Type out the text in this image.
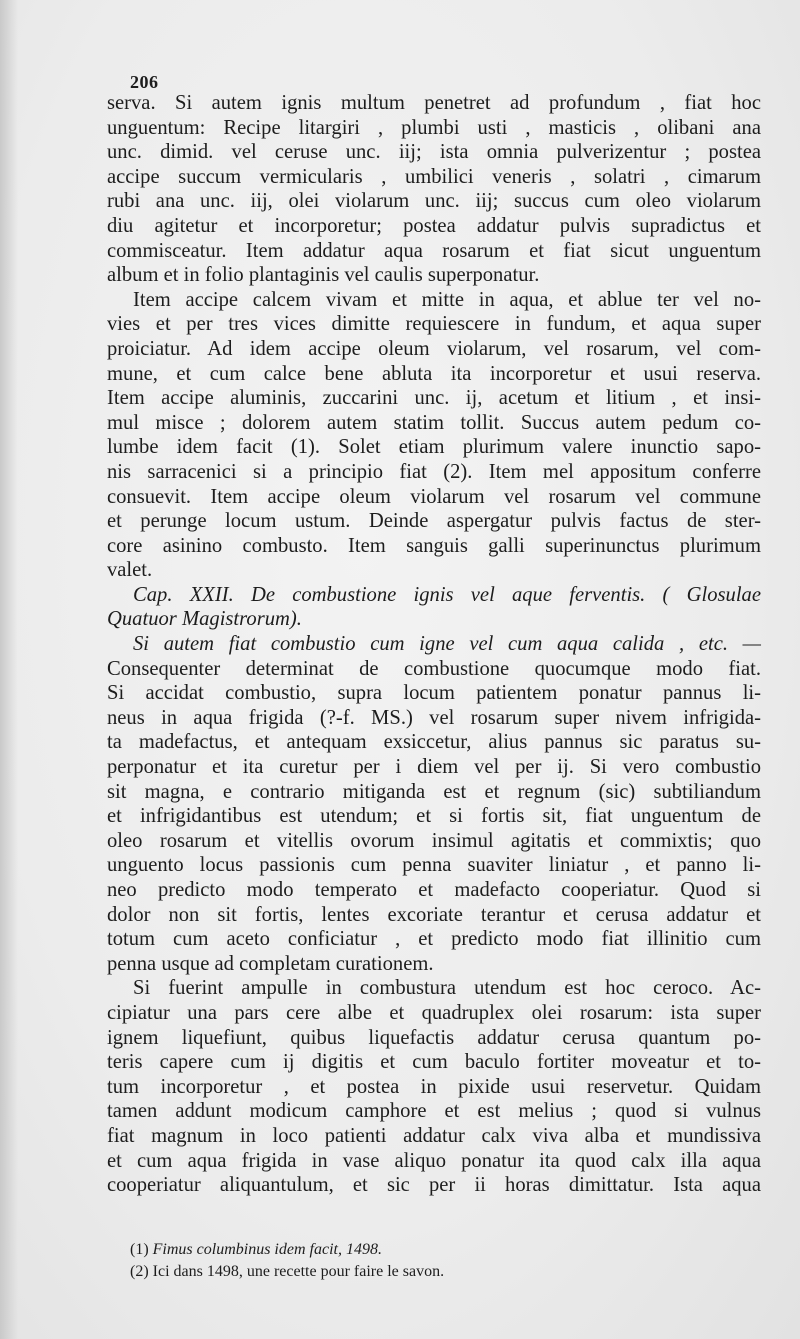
206
serva. Si autem ignis multum penetret ad profundum , fiat hoc
unguentum: Recipe litargiri , plumbi usti , masticis , olibani ana
unc. dimid. vel ceruse unc. iij; ista omnia pulverizentur ; postea
accipe succum vermicularis , umbilici veneris , solatri , cimarum
rubi ana unc. iij, olei violarum unc. iij; succus cum oleo violarum
diu agitetur et incorporetur; postea addatur pulvis supradictus et
commisceatur. Item addatur aqua rosarum et fiat sicut unguentum
album et in folio plantaginis vel caulis superponatur.
Item accipe calcem vivam et mitte in aqua, et ablue ter vel no-
vies et per tres vices dimitte requiescere in fundum, et aqua super
proiciatur. Ad idem accipe oleum violarum, vel rosarum, vel com-
mune, et cum calce bene abluta ita incorporetur et usui reserva.
Item accipe aluminis, zuccarini unc. ij, acetum et litium , et insi-
mul misce ; dolorem autem statim tollit. Succus autem pedum co-
lumbe idem facit (1). Solet etiam plurimum valere inunctio sapo-
nis sarracenici si a principio fiat (2). Item mel appositum conferre
consuevit. Item accipe oleum violarum vel rosarum vel commune
et perunge locum ustum. Deinde aspergatur pulvis factus de ster-
core asinino combusto. Item sanguis galli superinunctus plurimum
valet.
Cap. XXII. De combustione ignis vel aque ferventis. ( Glosulae
Quatuor Magistrorum).
Si autem fiat combustio cum igne vel cum aqua calida , etc. —
Consequenter determinat de combustione quocumque modo fiat.
Si accidat combustio, supra locum patientem ponatur pannus li-
neus in aqua frigida (?-f. MS.) vel rosarum super nivem infrigida-
ta madefactus, et antequam exsiccetur, alius pannus sic paratus su-
perponatur et ita curetur per i diem vel per ij. Si vero combustio
sit magna, e contrario mitiganda est et regnum (sic) subtiliandum
et infrigidantibus est utendum; et si fortis sit, fiat unguentum de
oleo rosarum et vitellis ovorum insimul agitatis et commixtis; quo
unguento locus passionis cum penna suaviter liniatur , et panno li-
neo predicto modo temperato et madefacto cooperiatur. Quod si
dolor non sit fortis, lentes excoriate terantur et cerusa addatur et
totum cum aceto conficiatur , et predicto modo fiat illinitio cum
penna usque ad completam curationem.
Si fuerint ampulle in combustura utendum est hoc ceroco. Ac-
cipiatur una pars cere albe et quadruplex olei rosarum: ista super
ignem liquefiunt, quibus liquefactis addatur cerusa quantum po-
teris capere cum ij digitis et cum baculo fortiter moveatur et to-
tum incorporetur , et postea in pixide usui reservetur. Quidam
tamen addunt modicum camphore et est melius ; quod si vulnus
fiat magnum in loco patienti addatur calx viva alba et mundissiva
et cum aqua frigida in vase aliquo ponatur ita quod calx illa aqua
cooperiatur aliquantulum, et sic per ii horas dimittatur. Ista aqua
(1) Fimus columbinus idem facit, 1498.
(2) Ici dans 1498, une recette pour faire le savon.
